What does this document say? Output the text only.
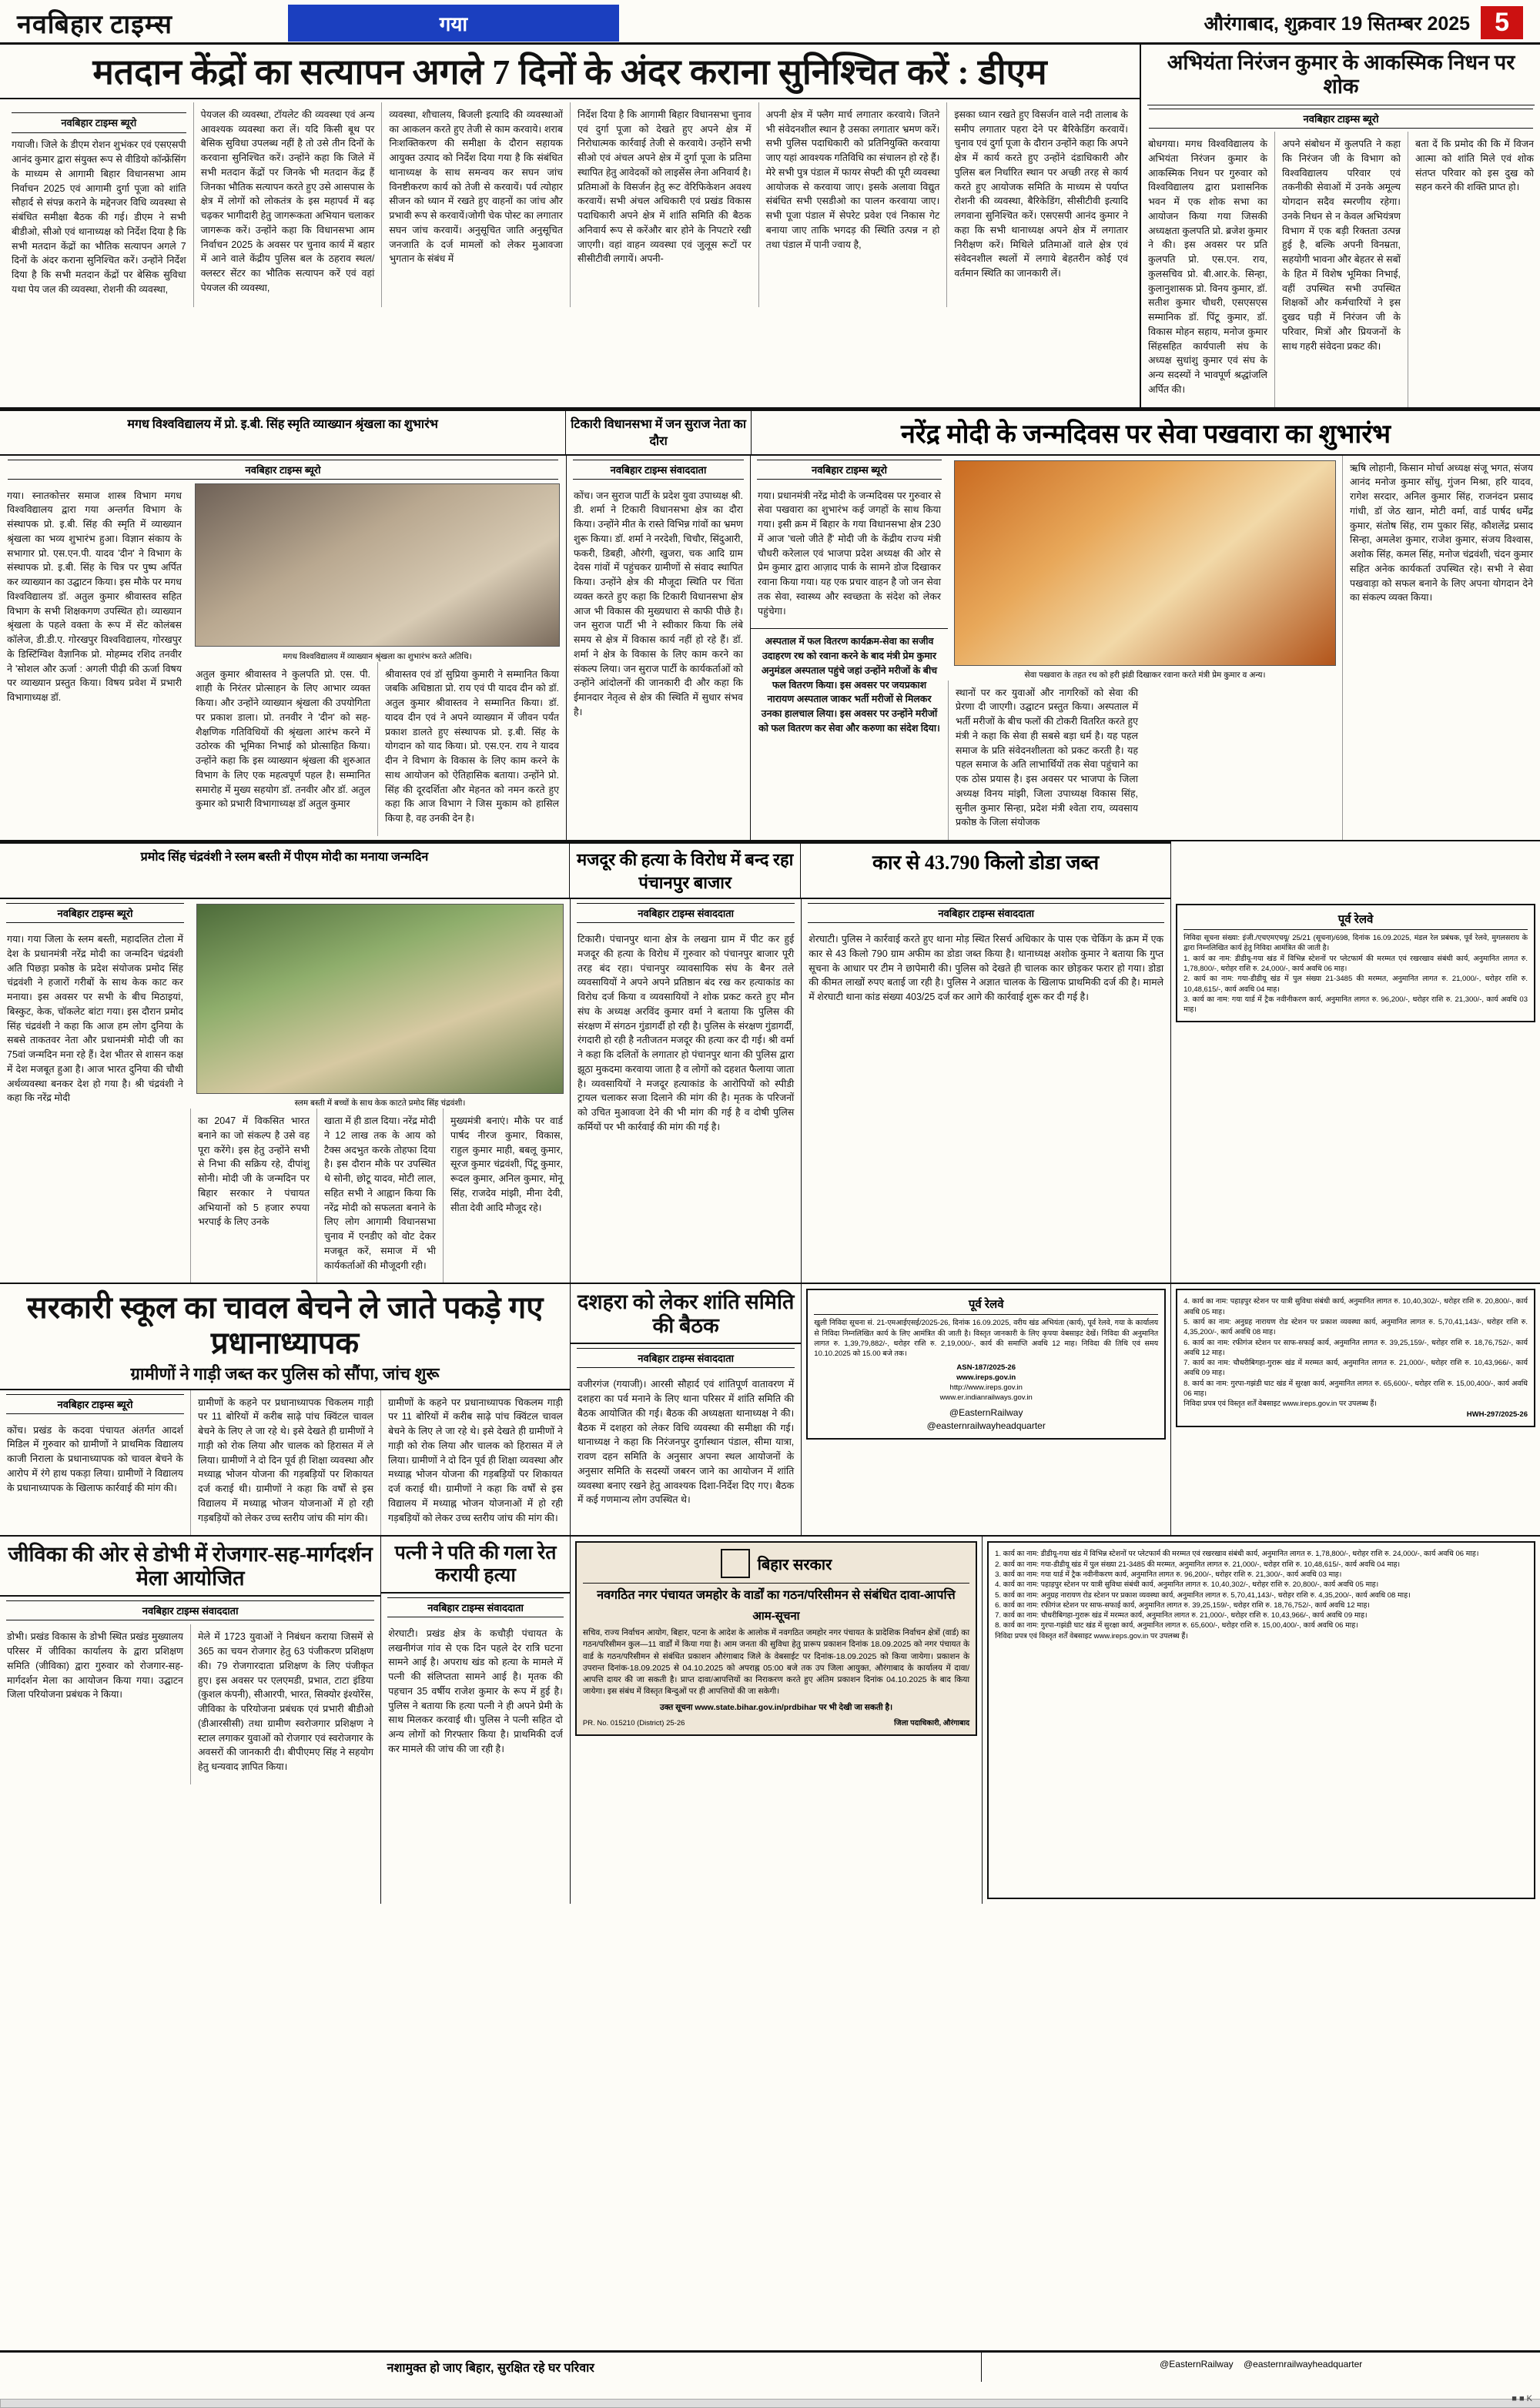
नवबिहार टाइम्स	गया	औरंगाबाद, शुक्रवार 19 सितम्बर 2025 5
मतदान केंद्रों का सत्यापन अगले 7 दिनों के अंदर कराना सुनिश्चित करें : डीएम
नवबिहार टाइम्स ब्यूरो

गयाजी। जिले के डीएम रोशन शुभंकर एवं एसएसपी आनंद कुमार द्वारा संयुक्त रूप से वीडियो कॉन्फ्रेंसिंग के माध्यम से आगामी बिहार विधानसभा आम निर्वाचन 2025 एवं आगामी दुर्गा पूजा को शांति सौहार्द से संपन्न कराने के मद्देनजर विधि व्यवस्था से संबंधित समीक्षा बैठक की गई। डीएम ने सभी बीडीओ, सीओ एवं थानाध्यक्ष को निर्देश दिया है कि सभी मतदान केंद्रों का भौतिक सत्यापन अगले 7 दिनों के अंदर कराना सुनिश्चित करें। उन्होंने निर्देश दिया है कि सभी मतदान केंद्रों पर बेसिक सुविधा यथा पेय जल की व्यवस्था, रोशनी की व्यवस्था,

पेयजल की व्यवस्था, टॉयलेट की व्यवस्था एवं अन्य आवश्यक व्यवस्था करा लें। यदि किसी बूथ पर बेसिक सुविधा उपलब्ध नहीं है तो उसे तीन दिनों के करवाना सुनिश्चित करें। उन्होंने कहा कि जिले में सभी मतदान केंद्रों पर जिनके भी मतदान केंद्र हैं जिनका भौतिक सत्यापन करते हुए उसे आसपास के क्षेत्र में लोगों को लोकतंत्र के इस महापर्व में बढ़ चढ़कर भागीदारी हेतु जागरूकता अभियान चलाकर जागरूक करें। उन्होंने कहा कि विधानसभा आम निर्वाचन 2025 के अवसर पर चुनाव कार्य में बहार में आने वाले केंद्रीय पुलिस बल के ठहराव स्थल/ क्लस्टर सेंटर का भौतिक सत्यापन करें एवं वहां पेयजल की व्यवस्था,

व्यवस्था, शौचालय, बिजली इत्यादि की व्यवस्थाओं का आकलन करते हुए तेजी से काम करवाये। शराब निःशक्तिकरण की समीक्षा के दौरान सहायक आयुक्त उत्पाद को निर्देश दिया गया है कि संबंधित थानाध्यक्ष के साथ समन्वय कर सघन जांच विनष्टीकरण कार्य को तेजी से करवायें। पर्व त्योहार सीजन को ध्यान में रखते हुए वाहनों का जांच और प्रभावी रूप से करवायें।जोगी चेक पोस्ट का लगातार सघन जांच करवायें। अनुसूचित जाति अनुसूचित जनजाति के दर्ज मामलों को लेकर मुआवजा भुगतान के संबंध में

निर्देश दिया है कि आगामी बिहार विधानसभा चुनाव एवं दुर्गा पूजा को देखते हुए अपने क्षेत्र में निरोधात्मक कार्रवाई तेजी से करवाये। उन्होंने सभी सीओ एवं अंचल अपने क्षेत्र में दुर्गा पूजा के प्रतिमा स्थापित हेतु आवेदकों को लाइसेंस लेना अनिवार्य है।प्रतिमाओं के विसर्जन हेतु रूट वेरिफिकेशन अवश्य करवायें। सभी अंचल अधिकारी एवं प्रखंड विकास पदाधिकारी अपने क्षेत्र में शांति समिति की बैठक अनिवार्य रूप से करेंऔर बार होने के निपटारे रखी जाएगी। वहां वाहन व्यवस्था एवं जुलूस रूटों पर सीसीटीवी लगायें। अपनी-

अपनी क्षेत्र में फ्लैग मार्च लगातार करवाये। जितने भी संवेदनशील स्थान है उसका लगातार भ्रमण करें। सभी पुलिस पदाधिकारी को प्रतिनियुक्ति करवाया जाए यहां आवश्यक गतिविधि का संचालन हो रहे हैं। मेरे सभी पुत्र पंडाल में फायर सेफ्टी की पूरी व्यवस्था आयोजक से करवाया जाए। इसके अलावा विद्युत संबंधित सभी एसडीओ का पालन करवाया जाए।सभी पूजा पंडाल में सेपरेट प्रवेश एवं निकास गेट बनाया जाए ताकि भगदड़ की स्थिति उत्पन्न न हो तथा पंडाल में पानी ज्वाय है,

इसका ध्यान रखते हुए विसर्जन वाले नदी तालाब के समीप लगातार पहरा देने पर बैरिकेडिंग करवायें। चुनाव एवं दुर्गा पूजा के दौरान उन्होंने कहा कि अपने क्षेत्र में कार्य करते हुए उन्होंने दंडाधिकारी और पुलिस बल निर्धारित स्थान पर अच्छी तरह से कार्य करते हुए आयोजक समिति के माध्यम से पर्याप्त रोशनी की व्यवस्था, बैरिकेडिंग, सीसीटीवी इत्यादि लगवाना सुनिश्चित करें। एसएसपी आनंद कुमार ने कहा कि सभी थानाध्यक्ष अपने क्षेत्र में लगातार निरीक्षण करें। मिथिले प्रतिमाओं वाले क्षेत्र एवं संवेदनशील स्थलों में लगाये बेहतरीन कोई एवं वर्तमान स्थिति का जानकारी लें।

अभियंता निरंजन कुमार के आकस्मिक निधन पर शोक
नवबिहार टाइम्स ब्यूरो

बोधगया। मगध विश्वविद्यालय के अभियंता निरंजन कुमार के आकस्मिक निधन पर गुरुवार को विश्वविद्यालय द्वारा प्रशासनिक भवन में एक शोक सभा का आयोजन किया गया जिसकी अध्यक्षता कुलपति प्रो. ब्रजेश कुमार ने की। इस अवसर पर प्रति कुलपति प्रो. एस.एन. राय, कुलसचिव प्रो. बी.आर.के. सिन्हा, कुलानुशासक प्रो. विनय कुमार, डॉ. सतीश कुमार चौधरी, एसएसएस सम्मानिक डॉ. पिंटू कुमार, डॉ. विकास मोहन सहाय, मनोज कुमार सिंहसहित कार्यपाली संघ के अध्यक्ष सुधांशु कुमार एवं संघ के अन्य सदस्यों ने भावपूर्ण श्रद्धांजलि अर्पित की।

अपने संबोधन में कुलपति ने कहा कि निरंजन जी के विभाग को विश्वविद्यालय परिवार एवं तकनीकी सेवाओं में उनके अमूल्य योगदान सदैव स्मरणीय रहेगा। उनके निधन से न केवल अभियंत्रण विभाग में एक बड़ी रिक्तता उत्पन्न हुई है, बल्कि अपनी विनम्रता, सहयोगी भावना और बेहतर से सबों के हित में विशेष भूमिका निभाई, वहीं उपस्थित सभी उपस्थित शिक्षकों और कर्मचारियों ने इस दुखद घड़ी में निरंजन जी के परिवार, मित्रों और प्रियजनों के साथ गहरी संवेदना प्रकट की।

बता दें कि प्रमोद की कि में विजन आत्मा को शांति मिले एवं शोक संतप्त परिवार को इस दुख को सहन करने की शक्ति प्राप्त हो।

मगध विश्वविद्यालय में प्रो. इ.बी. सिंह स्मृति व्याख्यान श्रृंखला का शुभारंभ	टिकारी विधानसभा में जन सुराज नेता का दौरा	नरेंद्र मोदी के जन्मदिवस पर सेवा पखवारा का शुभारंभ
नवबिहार टाइम्स ब्यूरो

गया। स्नातकोत्तर समाज शास्त्र विभाग मगध विश्वविद्यालय द्वारा गया अन्तर्गत विभाग के संस्थापक प्रो. इ.बी. सिंह की स्मृति में व्याख्यान श्रृंखला का भव्य शुभारंभ हुआ। विज्ञान संकाय के सभागार प्रो. एस.एन.पी. यादव 'दीन' ने विभाग के संस्थापक प्रो. इ.बी. सिंह के चित्र पर पुष्प अर्पित कर व्याख्यान का उद्घाटन किया। इस मौके पर मगध विश्वविद्यालय डॉ. अतुल कुमार श्रीवास्तव सहित विभाग के सभी शिक्षकगण उपस्थित हो। व्याख्यान श्रृंखला के पहले वक्ता के रूप में सेंट कोलंबस कॉलेज, डी.डी.ए. गोरखपुर विश्वविद्यालय, गोरखपुर के डिस्टिंग्विश वैज्ञानिक प्रो. मोहम्मद रशिद तनवीर ने 'सोशल और ऊर्जा : अगली पीढ़ी की ऊर्जा विषय पर व्याख्यान प्रस्तुत किया। विषय प्रवेश में प्रभारी विभागाध्यक्ष डॉ.

मगध विश्वविद्यालय में व्याख्यान श्रृंखला का शुभारंभ करते अतिथि।

अतुल कुमार श्रीवास्तव ने कुलपति प्रो. एस. पी. शाही के निरंतर प्रोत्साहन के लिए आभार व्यक्त किया। और उन्होंने व्याख्यान श्रृंखला की उपयोगिता पर प्रकाश डाला। प्रो. तनवीर ने 'दीन' को सह-शैक्षणिक गतिविधियों की श्रृंखला आरंभ करने में उठोरक की भूमिका निभाई को प्रोत्साहित किया। उन्होंने कहा कि इस व्याख्यान श्रृंखला की शुरुआत विभाग के लिए एक महत्वपूर्ण पहल है। सम्मानित समारोह में मुख्य सहयोग डॉ. तनवीर और डॉ. अतुल कुमार को प्रभारी विभागाध्यक्ष डॉ अतुल कुमार

श्रीवास्तव एवं डॉ सुप्रिया कुमारी ने सम्मानित किया जबकि अधिष्ठाता प्रो. राय एवं पी यादव दीन को डॉ. अतुल कुमार श्रीवास्तव ने सम्मानित किया। डॉ. यादव दीन एवं ने अपने व्याख्यान में जीवन पर्यंत प्रकाश डालते हुए संस्थापक प्रो. इ.बी. सिंह के योगदान को याद किया। प्रो. एस.एन. राय ने यादव दीन ने विभाग के विकास के लिए काम करने के साथ आयोजन को ऐतिहासिक बताया। उन्होंने प्रो. सिंह की दूरदर्शिता और मेहनत को नमन करते हुए कहा कि आज विभाग ने जिस मुकाम को हासिल किया है, वह उनकी देन है।

नवबिहार टाइम्स संवाददाता

कोंच। जन सुराज पार्टी के प्रदेश युवा उपाध्यक्ष श्री. डी. शर्मा ने टिकारी विधानसभा क्षेत्र का दौरा किया। उन्होंने मीत के रास्ते विभिन्न गांवों का भ्रमण शुरू किया। डॉ. शर्मा ने नरदेशी, चिचौर, सिंदुआरी, फकरी, डिबही, औरंगी, खुजरा, चक आदि ग्राम देवस गांवों में पहुंचकर ग्रामीणों से संवाद स्थापित किया। उन्होंने क्षेत्र की मौजूदा स्थिति पर चिंता व्यक्त करते हुए कहा कि टिकारी विधानसभा क्षेत्र आज भी विकास की मुख्यधारा से काफी पीछे है।जन सुराज पार्टी भी ने स्वीकार किया कि लंबे समय से क्षेत्र में विकास कार्य नहीं हो रहे हैं। डॉ. शर्मा ने क्षेत्र के विकास के लिए काम करने का संकल्प लिया। जन सुराज पार्टी के कार्यकर्ताओं को उन्होंने आंदोलनों की जानकारी दी और कहा कि ईमानदार नेतृत्व से क्षेत्र की स्थिति में सुधार संभव है।

नवबिहार टाइम्स ब्यूरो

गया। प्रधानमंत्री नरेंद्र मोदी के जन्मदिवस पर गुरुवार से सेवा पखवारा का शुभारंभ कई जगहों के साथ किया गया। इसी क्रम में बिहार के गया विधानसभा क्षेत्र 230 में आज 'चलो जीते हैं' मोदी जी के केंद्रीय राज्य मंत्री चौधरी करेलाल एवं भाजपा प्रदेश अध्यक्ष की ओर से प्रेम कुमार द्वारा आज़ाद पार्क के सामने डोज दिखाकर रवाना किया गया। यह एक प्रचार वाहन है जो जन सेवा तक सेवा, स्वास्थ्य और स्वच्छता के संदेश को लेकर पहुंचेगा।

अस्पताल में फल वितरण कार्यक्रम-सेवा का सजीव उदाहरण रथ को रवाना करने के बाद मंत्री प्रेम कुमार अनुमंडल अस्पताल पहुंचे जहां उन्होंने मरीजों के बीच फल वितरण किया। इस अवसर पर जयप्रकाश नारायण अस्पताल जाकर भर्ती मरीजों से मिलकर उनका हालचाल लिया। इस अवसर पर उन्होंने मरीजों को फल वितरण कर सेवा और करुणा का संदेश दिया।

सेवा पखवारा के तहत रथ को हरी झंडी दिखाकर रवाना करते मंत्री प्रेम कुमार व अन्य।

स्थानों पर कर युवाओं और नागरिकों को सेवा की प्रेरणा दी जाएगी। उद्घाटन प्रस्तुत किया। अस्पताल में भर्ती मरीजों के बीच फलों की टोकरी वितरित करते हुए मंत्री ने कहा कि सेवा ही सबसे बड़ा धर्म है। यह पहल समाज के प्रति संवेदनशीलता को प्रकट करती है। यह पहल समाज के अति लाभार्थियों तक सेवा पहुंचाने का एक ठोस प्रयास है। इस अवसर पर भाजपा के जिला अध्यक्ष विनय मांझी, जिला उपाध्यक्ष विकास सिंह, सुनील कुमार सिन्हा, प्रदेश मंत्री श्वेता राय, व्यवसाय प्रकोष्ठ के जिला संयोजक

ऋषि लोहानी, किसान मोर्चा अध्यक्ष संजू भगत, संजय आनंद मनोज कुमार सोंधु, गुंजन मिश्रा, हरि यादव, रागेश सरदार, अनिल कुमार सिंह, राजनंदन प्रसाद गांधी, डॉ जेठ खान, मोटी वर्मा, वार्ड पार्षद धर्मेंद्र कुमार, संतोष सिंह, राम पुकार सिंह, कौशलेंद्र प्रसाद सिन्हा, अमलेश कुमार, राजेश कुमार, संजय विश्वास, अशोक सिंह, कमल सिंह, मनोज चंद्रवंशी, चंदन कुमार सहित अनेक कार्यकर्ता उपस्थित रहे। सभी ने सेवा पखवाड़ा को सफल बनाने के लिए अपना योगदान देने का संकल्प व्यक्त किया।

प्रमोद सिंह चंद्रवंशी ने स्लम बस्ती में पीएम मोदी का मनाया जन्मदिन	मजदूर की हत्या के विरोध में बन्द रहा पंचानपुर बाजार
कार से 43.790 किलो डोडा जब्त
नवबिहार टाइम्स ब्यूरो

गया। गया जिला के स्लम बस्ती, महादलित टोला में देश के प्रधानमंत्री नरेंद्र मोदी का जन्मदिन चंद्रवंशी अति पिछड़ा प्रकोष्ठ के प्रदेश संयोजक प्रमोद सिंह चंद्रवंशी ने हजारों गरीबों के साथ केक काट कर मनाया। इस अवसर पर सभी के बीच मिठाइयां, बिस्कुट, केक, चॉकलेट बांटा गया। इस दौरान प्रमोद सिंह चंद्रवंशी ने कहा कि आज हम लोग दुनिया के सबसे ताकतवर नेता और प्रधानमंत्री मोदी जी का 75वां जन्मदिन मना रहे हैं। देश भीतर से शासन कक्ष में देश मजबूत हुआ है। आज भारत दुनिया की चौथी अर्थव्यवस्था बनकर देश हो गया है। श्री चंद्रवंशी ने कहा कि नरेंद्र मोदी	स्लम बस्ती में बच्चों के साथ केक काटते प्रमोद सिंह चंद्रवंशी।

का 2047 में विकसित भारत बनाने का जो संकल्प है उसे वह पूरा करेंगे। इस हेतु उन्होंने सभी से निभा की सक्रिय रहे, दीपांशु सोनी। मोदी जी के जन्मदिन पर बिहार सरकार ने पंचायत अभियानों को 5 हजार रुपया भरपाई के लिए उनके

खाता में ही डाल दिया। नरेंद्र मोदी ने 12 लाख तक के आय को टैक्स अदभुत करके तोहफा दिया है। इस दौरान मौके पर उपस्थित थे सोनी, छोटू यादव, मोटी लाल, सहित सभी ने आह्वान किया कि नरेंद्र मोदी को सफलता बनाने के लिए लोग आगामी विधानसभा चुनाव में एनडीए को वोट देकर मजबूत करें, समाज में भी कार्यकर्ताओं की मौजूदगी रही।

मुख्यमंत्री बनाएं। मौके पर वार्ड पार्षद नीरज कुमार, विकास, राहुल कुमार माही, बबलू कुमार, सूरज कुमार चंद्रवंशी, पिंटू कुमार, रूदल कुमार, अनिल कुमार, मोनू सिंह, राजदेव मांझी, मीना देवी, सीता देवी आदि मौजूद रहे।

नवबिहार टाइम्स संवाददाता

टिकारी। पंचानपुर थाना क्षेत्र के लखना ग्राम में पीट कर हुई मजदूर की हत्या के विरोध में गुरुवार को पंचानपुर बाजार पूरी तरह बंद रहा। पंचानपुर व्यावसायिक संघ के बैनर तले व्यवसायियों ने अपने अपने प्रतिष्ठान बंद रख कर हत्याकांड का विरोध दर्ज किया व व्यवसायियों ने शोक प्रकट करते हुए मौन संघ के अध्यक्ष अरविंद कुमार वर्मा ने बताया कि पुलिस की संरक्षण में संगठन गुंडागर्दी हो रही है। पुलिस के संरक्षण गुंडागर्दी, रंगदारी हो रही है नतीजतन मजदूर की हत्या कर दी गई। श्री वर्मा ने कहा कि दलितों के लगातार हो पंचानपुर थाना की पुलिस द्वारा झूठा मुकदमा करवाया जाता है व लोगों को दहशत फैलाया जाता है। व्यवसायियों ने मजदूर हत्याकांड के आरोपियों को स्पीडी ट्रायल चलाकर सजा दिलाने की मांग की है। मृतक के परिजनों को उचित मुआवजा देने की भी मांग की गई है व दोषी पुलिस कर्मियों पर भी कार्रवाई की मांग की गई है।

नवबिहार टाइम्स संवाददाता

शेरघाटी। पुलिस ने कार्रवाई करते हुए थाना मोड़ स्थित रिसर्च अधिकार के पास एक चेकिंग के क्रम में एक कार से 43 किलो 790 ग्राम अफीम का डोडा जब्त किया है। थानाध्यक्ष अशोक कुमार ने बताया कि गुप्त सूचना के आधार पर टीम ने छापेमारी की। पुलिस को देखते ही चालक कार छोड़कर फरार हो गया। डोडा की कीमत लाखों रुपए बताई जा रही है। पुलिस ने अज्ञात चालक के खिलाफ प्राथमिकी दर्ज की है। मामले में शेरघाटी थाना कांड संख्या 403/25 दर्ज कर आगे की कार्रवाई शुरू कर दी गई है।

पूर्व रेलवे
निविदा सूचना संख्या: इंजी./एचएमएचयू/ 25/21 (सूचना)/698, दिनांक 16.09.2025, मंडल रेल प्रबंधक, पूर्व रेलवे, मुगलसराय के द्वारा निम्नलिखित कार्य हेतु निविदा आमंत्रित की जाती है।
1. कार्य का नाम: डीडीयू-गया खंड में विभिन्न स्टेशनों पर प्लेटफार्म की मरम्मत एवं रखरखाव संबंधी कार्य, अनुमानित लागत रु. 1,78,800/-, धरोहर राशि रु. 24,000/-, कार्य अवधि 06 माह।
2. कार्य का नाम: गया-डीडीयू खंड में पुल संख्या 21-3485 की मरम्मत, अनुमानित लागत रु. 21,000/-, धरोहर राशि रु. 10,48,615/-, कार्य अवधि 04 माह।
3. कार्य का नाम: गया यार्ड में ट्रैक नवीनीकरण कार्य, अनुमानित लागत रु. 96,200/-, धरोहर राशि रु. 21,300/-, कार्य अवधि 03 माह।
सरकारी स्कूल का चावल बेचने ले जाते पकड़े गए प्रधानाध्यापक
ग्रामीणों ने गाड़ी जब्त कर पुलिस को सौंपा, जांच शुरू
नवबिहार टाइम्स ब्यूरो

कोंच। प्रखंड के कदवा पंचायत अंतर्गत आदर्श मिडिल में गुरुवार को ग्रामीणों ने प्राथमिक विद्यालय काजी निराला के प्रधानाध्यापक को चावल बेचने के आरोप में रंगे हाथ पकड़ा लिया। ग्रामीणों ने विद्यालय के प्रधानाध्यापक के खिलाफ कार्रवाई की मांग की।

ग्रामीणों के कहने पर प्रधानाध्यापक चिकलम गाड़ी पर 11 बोरियों में करीब साढ़े पांच क्विंटल चावल बेचने के लिए ले जा रहे थे। इसे देखते ही ग्रामीणों ने गाड़ी को रोक लिया और चालक को हिरासत में ले लिया। ग्रामीणों ने दो दिन पूर्व ही शिक्षा व्यवस्था और मध्याह्न भोजन योजना की गड़बड़ियों पर शिकायत दर्ज कराई थी। ग्रामीणों ने कहा कि वर्षों से इस विद्यालय में मध्याह्न भोजन योजनाओं में हो रही गड़बड़ियों को लेकर उच्च स्तरीय जांच की मांग की।

ग्रामीणों के कहने पर प्रधानाध्यापक चिकलम गाड़ी पर 11 बोरियों में करीब साढ़े पांच क्विंटल चावल बेचने के लिए ले जा रहे थे। इसे देखते ही ग्रामीणों ने गाड़ी को रोक लिया और चालक को हिरासत में ले लिया। ग्रामीणों ने दो दिन पूर्व ही शिक्षा व्यवस्था और मध्याह्न भोजन योजना की गड़बड़ियों पर शिकायत दर्ज कराई थी। ग्रामीणों ने कहा कि वर्षों से इस विद्यालय में मध्याह्न भोजन योजनाओं में हो रही गड़बड़ियों को लेकर उच्च स्तरीय जांच की मांग की।

दशहरा को लेकर शांति समिति की बैठक
नवबिहार टाइम्स संवाददाता

वजीरगंज (गयाजी)। आरसी सौहार्द एवं शांतिपूर्ण वातावरण में दशहरा का पर्व मनाने के लिए थाना परिसर में शांति समिति की बैठक आयोजित की गई। बैठक की अध्यक्षता थानाध्यक्ष ने की। बैठक में दशहरा को लेकर विधि व्यवस्था की समीक्षा की गई। थानाध्यक्ष ने कहा कि निरंजनपुर दुर्गास्थान पंडाल, सीमा यात्रा, रावण दहन समिति के अनुसार अपना स्थल आयोजनों के अनुसार समिति के सदस्यों जबरन जाने का आयोजन में शांति व्यवस्था बनाए रखने हेतु आवश्यक दिशा-निर्देश दिए गए। बैठक में कई गणमान्य लोग उपस्थित थे।

पूर्व रेलवे
खुली निविदा सूचना सं. 21-एमआईएसई/2025-26, दिनांक 16.09.2025, वरीय खंड अभियंता (कार्य), पूर्व रेलवे, गया के कार्यालय से निविदा निम्नलिखित कार्य के लिए आमंत्रित की जाती है। विस्तृत जानकारी के लिए कृपया वेबसाइट देखें। निविदा की अनुमानित लागत रु. 1,39,79,882/-, धरोहर राशि रु. 2,19,000/-, कार्य की समाप्ति अवधि 12 माह। निविदा की तिथि एवं समय 10.10.2025 को 15.00 बजे तक।
ASN-187/2025-26
www.ireps.gov.in
http://www.ireps.gov.in
www.er.indianrailways.gov.in
@EasternRailway
@easternrailwayheadquarter
4. कार्य का नाम: पहाड़पुर स्टेशन पर यात्री सुविधा संबंधी कार्य, अनुमानित लागत रु. 10,40,302/-, धरोहर राशि रु. 20,800/-, कार्य अवधि 05 माह।
5. कार्य का नाम: अनुग्रह नारायण रोड स्टेशन पर प्रकाश व्यवस्था कार्य, अनुमानित लागत रु. 5,70,41,143/-, धरोहर राशि रु. 4,35,200/-, कार्य अवधि 08 माह।
6. कार्य का नाम: रफीगंज स्टेशन पर साफ-सफाई कार्य, अनुमानित लागत रु. 39,25,159/-, धरोहर राशि रु. 18,76,752/-, कार्य अवधि 12 माह।
7. कार्य का नाम: चौधरीबिगहा-गुरारू खंड में मरम्मत कार्य, अनुमानित लागत रु. 21,000/-, धरोहर राशि रु. 10,43,966/-, कार्य अवधि 09 माह।
8. कार्य का नाम: गुरपा-गझंडी घाट खंड में सुरक्षा कार्य, अनुमानित लागत रु. 65,600/-, धरोहर राशि रु. 15,00,400/-, कार्य अवधि 06 माह।
निविदा प्रपत्र एवं विस्तृत शर्तें वेबसाइट www.ireps.gov.in पर उपलब्ध हैं।
HWH-297/2025-26
जीविका की ओर से डोभी में रोजगार-सह-मार्गदर्शन मेला आयोजित
नवबिहार टाइम्स संवाददाता

डोभी। प्रखंड विकास के डोभी स्थित प्रखंड मुख्यालय परिसर में जीविका कार्यालय के द्वारा प्रशिक्षण समिति (जीविका) द्वारा गुरुवार को रोजगार-सह-मार्गदर्शन मेला का आयोजन किया गया। उद्घाटन जिला परियोजना प्रबंधक ने किया।

मेले में 1723 युवाओं ने निबंधन कराया जिसमें से 365 का चयन रोजगार हेतु 63 पंजीकरण प्रशिक्षण की। 79 रोजगारदाता प्रशिक्षण के लिए पंजीकृत हुए। इस अवसर पर एलएमडी, प्रभात, टाटा इंडिया (कुशल कंपनी), सीआरपी, भारत, सिक्योर इंश्योरेंस, जीविका के परियोजना प्रबंधक एवं प्रभारी बीडीओ (डीआरसीसी) तथा ग्रामीण स्वरोजगार प्रशिक्षण ने स्टाल लगाकर युवाओं को रोजगार एवं स्वरोजगार के अवसरों की जानकारी दी। बीपीएमए सिंह ने सहयोग हेतु धन्यवाद ज्ञापित किया।

पत्नी ने पति की गला रेत करायी हत्या
नवबिहार टाइम्स संवाददाता

शेरघाटी। प्रखंड क्षेत्र के कचौड़ी पंचायत के लखनीगंज गांव से एक दिन पहले देर रात्रि घटना सामने आई है। अपराध खंड को हत्या के मामले में पत्नी की संलिप्तता सामने आई है। मृतक की पहचान 35 वर्षीय राजेश कुमार के रूप में हुई है। पुलिस ने बताया कि हत्या पत्नी ने ही अपने प्रेमी के साथ मिलकर करवाई थी। पुलिस ने पत्नी सहित दो अन्य लोगों को गिरफ्तार किया है। प्राथमिकी दर्ज कर मामले की जांच की जा रही है।

बिहार सरकार
नवगठित नगर पंचायत जमहोर के वार्डों का गठन/परिसीमन से संबंधित दावा-आपत्ति
आम-सूचना
सचिव, राज्य निर्वाचन आयोग, बिहार, पटना के आदेश के आलोक में नवगठित जमहोर नगर पंचायत के प्रादेशिक निर्वाचन क्षेत्रों (वार्ड) का गठन/परिसीमन कुल—11 वार्डों में किया गया है। आम जनता की सुविधा हेतु प्रारूप प्रकाशन दिनांक 18.09.2025 को नगर पंचायत के वार्ड के गठन/परिसीमन से संबंधित प्रकाशन औरंगाबाद जिले के वेबसाईट पर दिनांक-18.09.2025 को किया जायेगा। प्रकाशन के उपरान्त दिनांक-18.09.2025 से 04.10.2025 को अपराह्न 05:00 बजे तक उप जिला आयुक्त, औरंगाबाद के कार्यालय में दावा/आपत्ति दायर की जा सकती है। प्राप्त दावा/आपत्तियों का निराकरण करते हुए अंतिम प्रकाशन दिनांक 04.10.2025 के बाद किया जायेगा। इस संबंध में विस्तृत बिन्दुओं पर ही आपत्तियों की जा सकेगी।
उक्त सूचना www.state.bihar.gov.in/prdbihar पर भी देखी जा सकती है।
PR. No. 015210 (District) 25-26	जिला पदाधिकारी, औरंगाबाद
1. कार्य का नाम: डीडीयू-गया खंड में विभिन्न स्टेशनों पर प्लेटफार्म की मरम्मत एवं रखरखाव संबंधी कार्य, अनुमानित लागत रु. 1,78,800/-, धरोहर राशि रु. 24,000/-, कार्य अवधि 06 माह।
2. कार्य का नाम: गया-डीडीयू खंड में पुल संख्या 21-3485 की मरम्मत, अनुमानित लागत रु. 21,000/-, धरोहर राशि रु. 10,48,615/-, कार्य अवधि 04 माह।
3. कार्य का नाम: गया यार्ड में ट्रैक नवीनीकरण कार्य, अनुमानित लागत रु. 96,200/-, धरोहर राशि रु. 21,300/-, कार्य अवधि 03 माह।
4. कार्य का नाम: पहाड़पुर स्टेशन पर यात्री सुविधा संबंधी कार्य, अनुमानित लागत रु. 10,40,302/-, धरोहर राशि रु. 20,800/-, कार्य अवधि 05 माह।
5. कार्य का नाम: अनुग्रह नारायण रोड स्टेशन पर प्रकाश व्यवस्था कार्य, अनुमानित लागत रु. 5,70,41,143/-, धरोहर राशि रु. 4,35,200/-, कार्य अवधि 08 माह।
6. कार्य का नाम: रफीगंज स्टेशन पर साफ-सफाई कार्य, अनुमानित लागत रु. 39,25,159/-, धरोहर राशि रु. 18,76,752/-, कार्य अवधि 12 माह।
7. कार्य का नाम: चौधरीबिगहा-गुरारू खंड में मरम्मत कार्य, अनुमानित लागत रु. 21,000/-, धरोहर राशि रु. 10,43,966/-, कार्य अवधि 09 माह।
8. कार्य का नाम: गुरपा-गझंडी घाट खंड में सुरक्षा कार्य, अनुमानित लागत रु. 65,600/-, धरोहर राशि रु. 15,00,400/-, कार्य अवधि 06 माह।
निविदा प्रपत्र एवं विस्तृत शर्तें वेबसाइट www.ireps.gov.in पर उपलब्ध हैं।
नशामुक्त हो जाए बिहार, सुरक्षित रहे घर परिवार	@EasternRailway @easternrailwayheadquarter
■ ■ K
